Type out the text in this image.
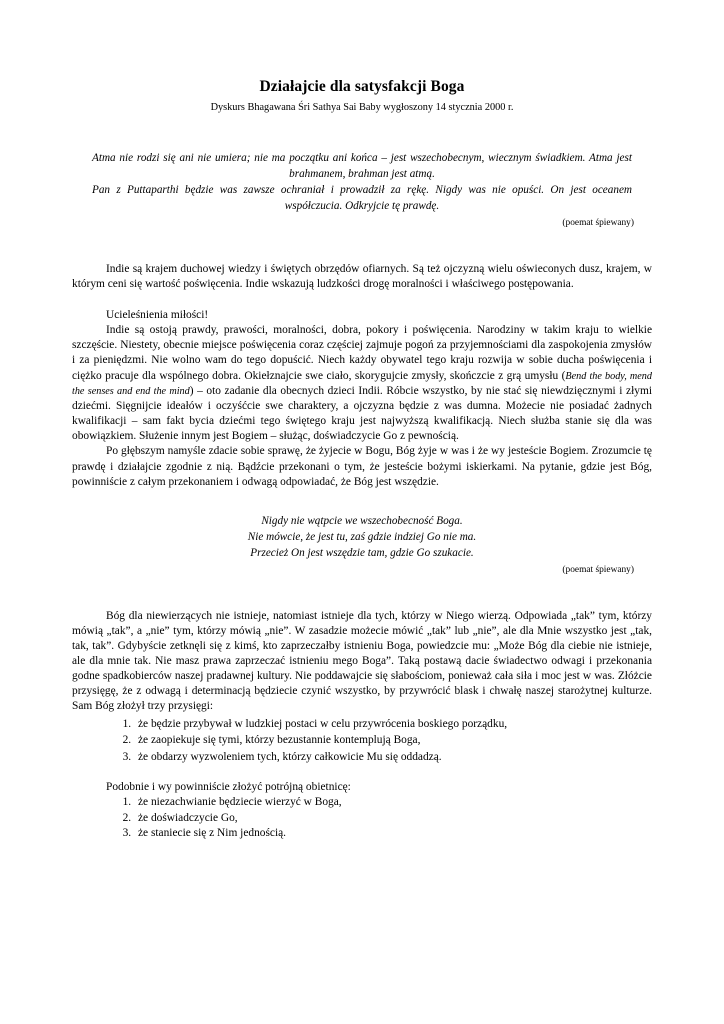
Działajcie dla satysfakcji Boga
Dyskurs Bhagawana Śri Sathya Sai Baby wygłoszony 14 stycznia 2000 r.

Atma nie rodzi się ani nie umiera; nie ma początku ani końca – jest wszechobecnym, wiecznym świadkiem. Atma jest brahmanem, brahman jest atmą.

Pan z Puttaparthi będzie was zawsze ochraniał i prowadził za rękę. Nigdy was nie opuści. On jest oceanem współczucia. Odkryjcie tę prawdę.

(poemat śpiewany)

Indie są krajem duchowej wiedzy i świętych obrzędów ofiarnych. Są też ojczyzną wielu oświeconych dusz, krajem, w którym ceni się wartość poświęcenia. Indie wskazują ludzkości drogę moralności i właściwego postępowania.

Ucieleśnienia miłości!

Indie są ostoją prawdy, prawości, moralności, dobra, pokory i poświęcenia. Narodziny w takim kraju to wielkie szczęście. Niestety, obecnie miejsce poświęcenia coraz częściej zajmuje pogoń za przyjemnościami dla zaspokojenia zmysłów i za pieniędzmi. Nie wolno wam do tego dopuścić. Niech każdy obywatel tego kraju rozwija w sobie ducha poświęcenia i ciężko pracuje dla wspólnego dobra. Okiełznajcie swe ciało, skorygujcie zmysły, skończcie z grą umysłu (Bend the body, mend the senses and end the mind) – oto zadanie dla obecnych dzieci Indii. Róbcie wszystko, by nie stać się niewdzięcznymi i złymi dziećmi. Sięgnijcie ideałów i oczyśćcie swe charaktery, a ojczyzna będzie z was dumna. Możecie nie posiadać żadnych kwalifikacji – sam fakt bycia dziećmi tego świętego kraju jest najwyższą kwalifikacją. Niech służba stanie się dla was obowiązkiem. Służenie innym jest Bogiem – służąc, doświadczycie Go z pewnością.

Po głębszym namyśle zdacie sobie sprawę, że żyjecie w Bogu, Bóg żyje w was i że wy jesteście Bogiem. Zrozumcie tę prawdę i działajcie zgodnie z nią. Bądźcie przekonani o tym, że jesteście bożymi iskierkami. Na pytanie, gdzie jest Bóg, powinniście z całym przekonaniem i odwagą odpowiadać, że Bóg jest wszędzie.

Nigdy nie wątpcie we wszechobecność Boga.

Nie mówcie, że jest tu, zaś gdzie indziej Go nie ma.

Przecież On jest wszędzie tam, gdzie Go szukacie.

(poemat śpiewany)

Bóg dla niewierzących nie istnieje, natomiast istnieje dla tych, którzy w Niego wierzą. Odpowiada „tak” tym, którzy mówią „tak”, a „nie” tym, którzy mówią „nie”. W zasadzie możecie mówić „tak” lub „nie”, ale dla Mnie wszystko jest „tak, tak, tak”. Gdybyście zetknęli się z kimś, kto zaprzeczałby istnieniu Boga, powiedzcie mu: „Może Bóg dla ciebie nie istnieje, ale dla mnie tak. Nie masz prawa zaprzeczać istnieniu mego Boga”. Taką postawą dacie świadectwo odwagi i przekonania godne spadkobierców naszej pradawnej kultury. Nie poddawajcie się słabościom, ponieważ cała siła i moc jest w was. Złóżcie przysięgę, że z odwagą i determinacją będziecie czynić wszystko, by przywrócić blask i chwałę naszej starożytnej kulturze. Sam Bóg złożył trzy przysięgi:

1. że będzie przybywał w ludzkiej postaci w celu przywrócenia boskiego porządku,
2. że zaopiekuje się tymi, którzy bezustannie kontemplują Boga,
3. że obdarzy wyzwoleniem tych, którzy całkowicie Mu się oddadzą.

Podobnie i wy powinniście złożyć potrójną obietnicę:

1. że niezachwianie będziecie wierzyć w Boga,
2. że doświadczycie Go,
3. że staniecie się z Nim jednością.
